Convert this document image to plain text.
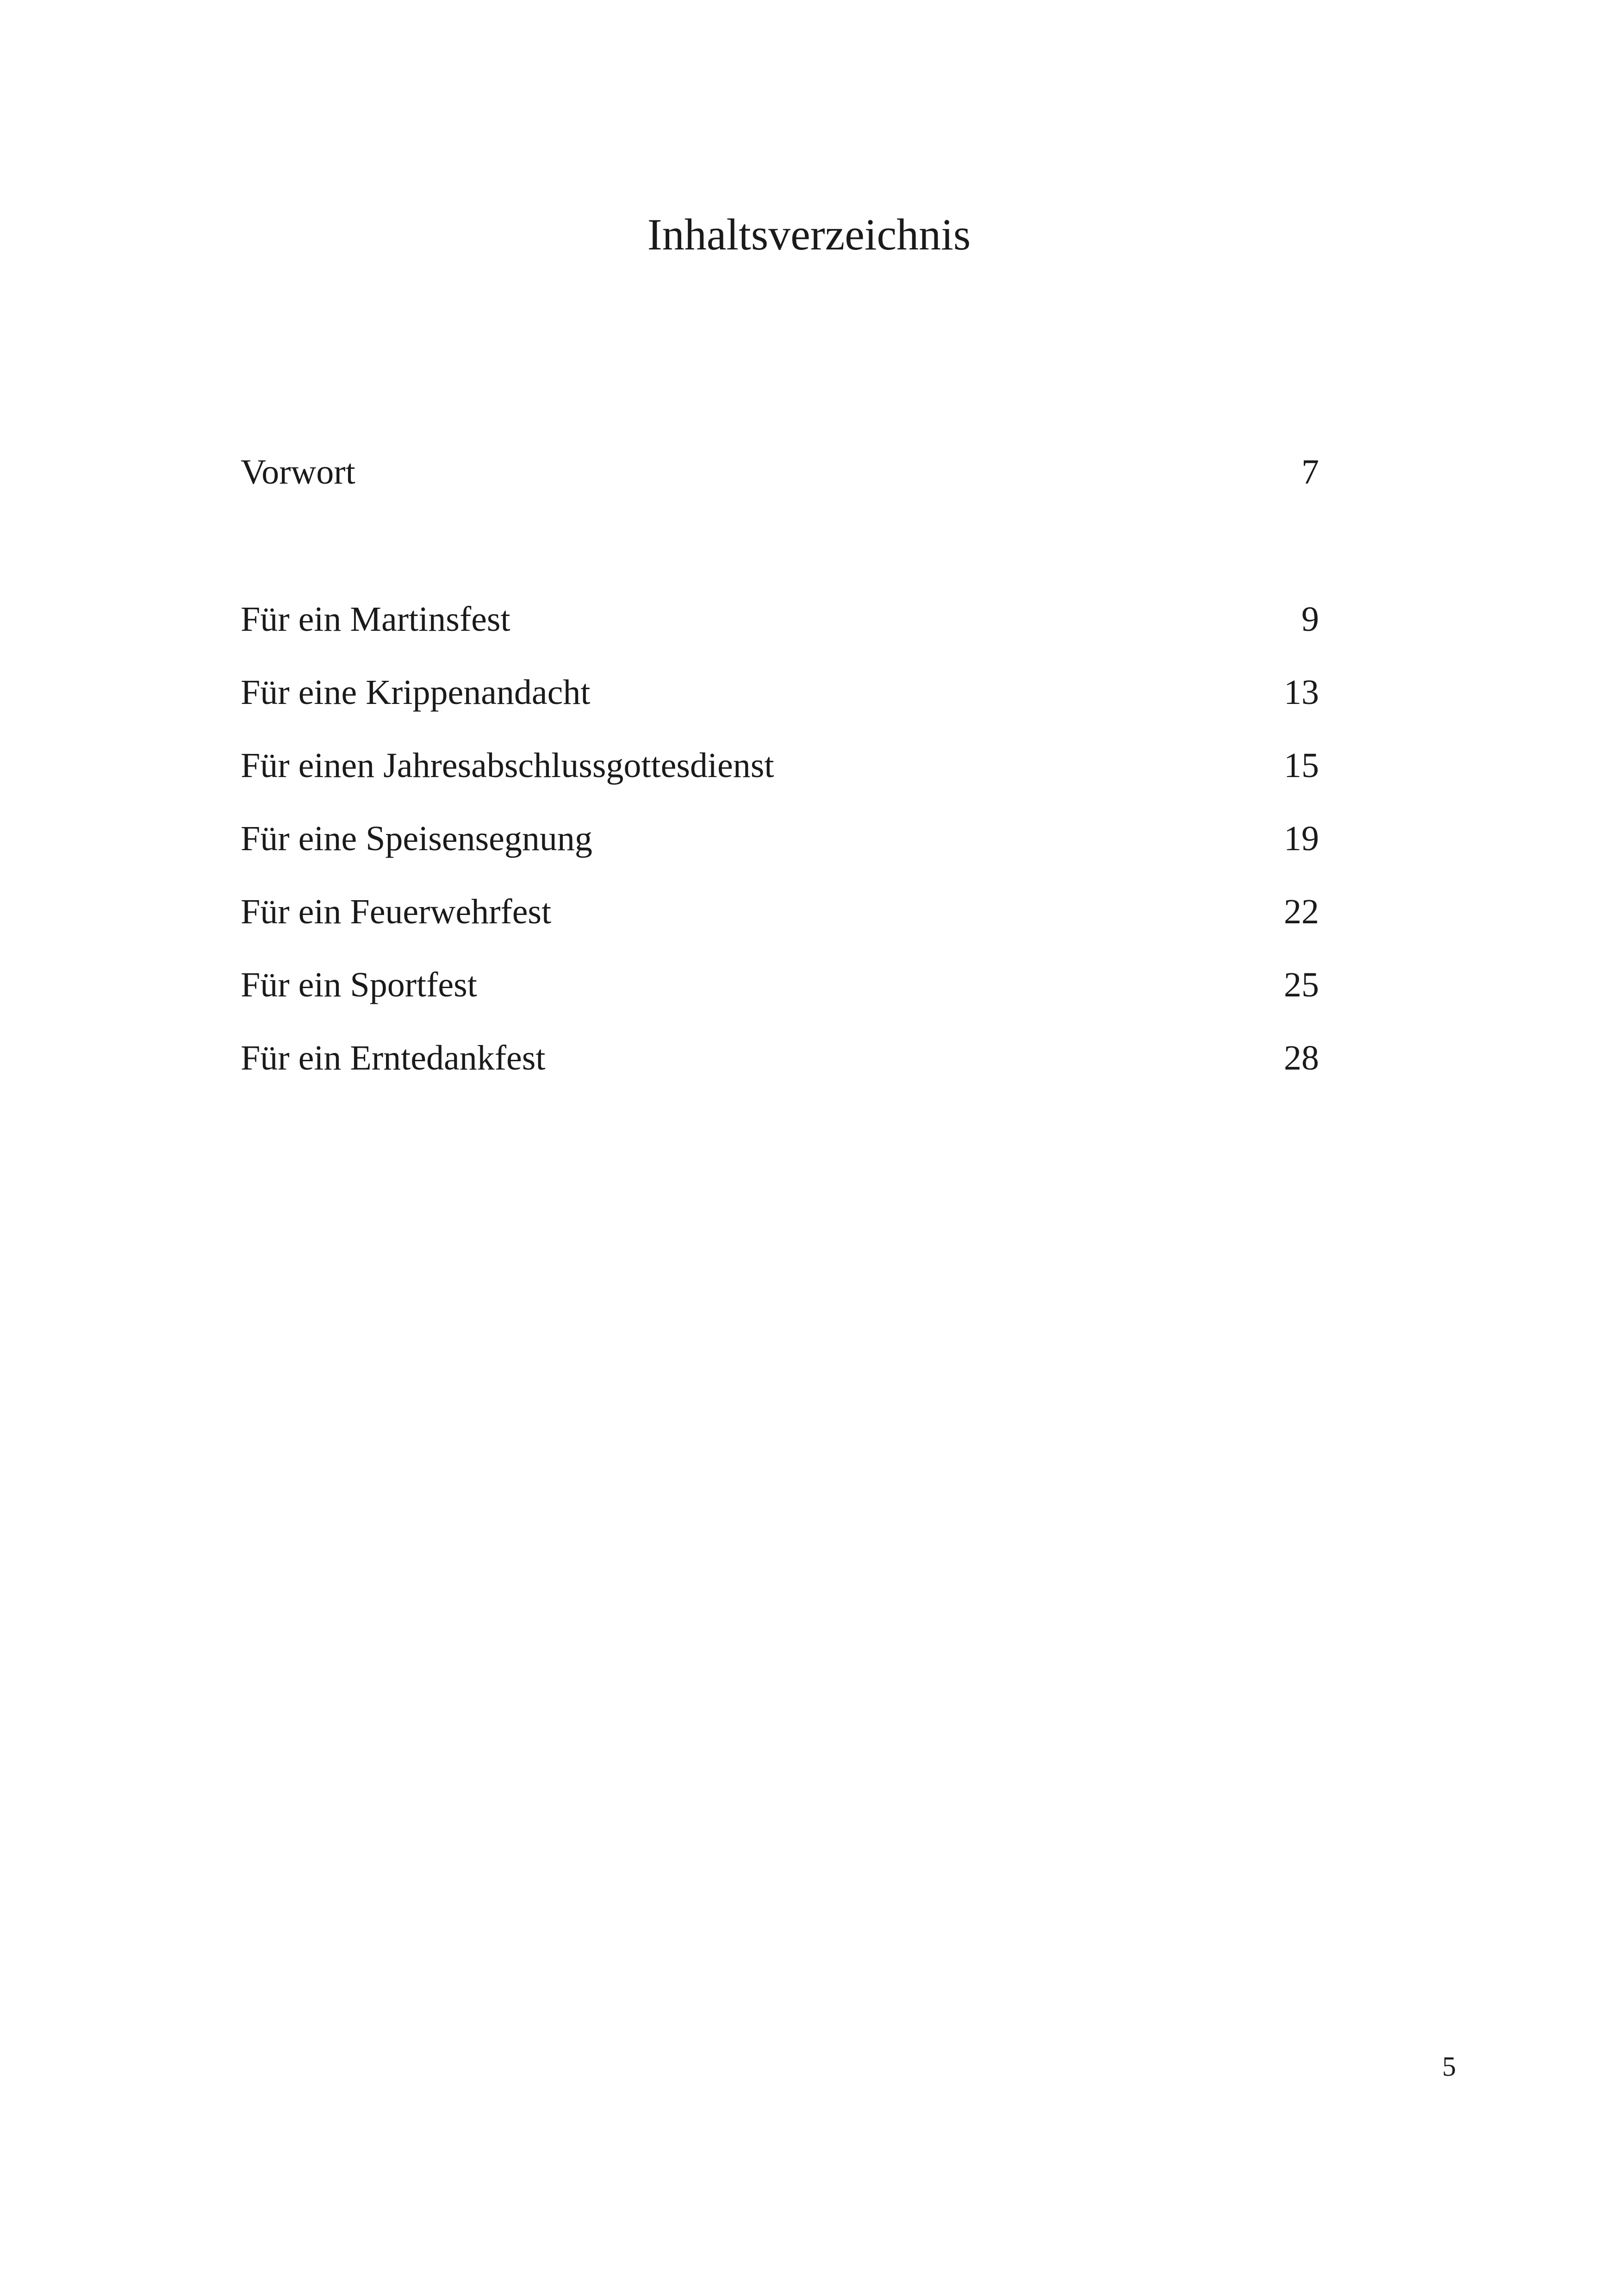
Inhaltsverzeichnis
Vorwort	7
Für ein Martinsfest	9
Für eine Krippenandacht	13
Für einen Jahresabschlussgottesdienst	15
Für eine Speisensegnung	19
Für ein Feuerwehrfest	22
Für ein Sportfest	25
Für ein Erntedankfest	28
5
